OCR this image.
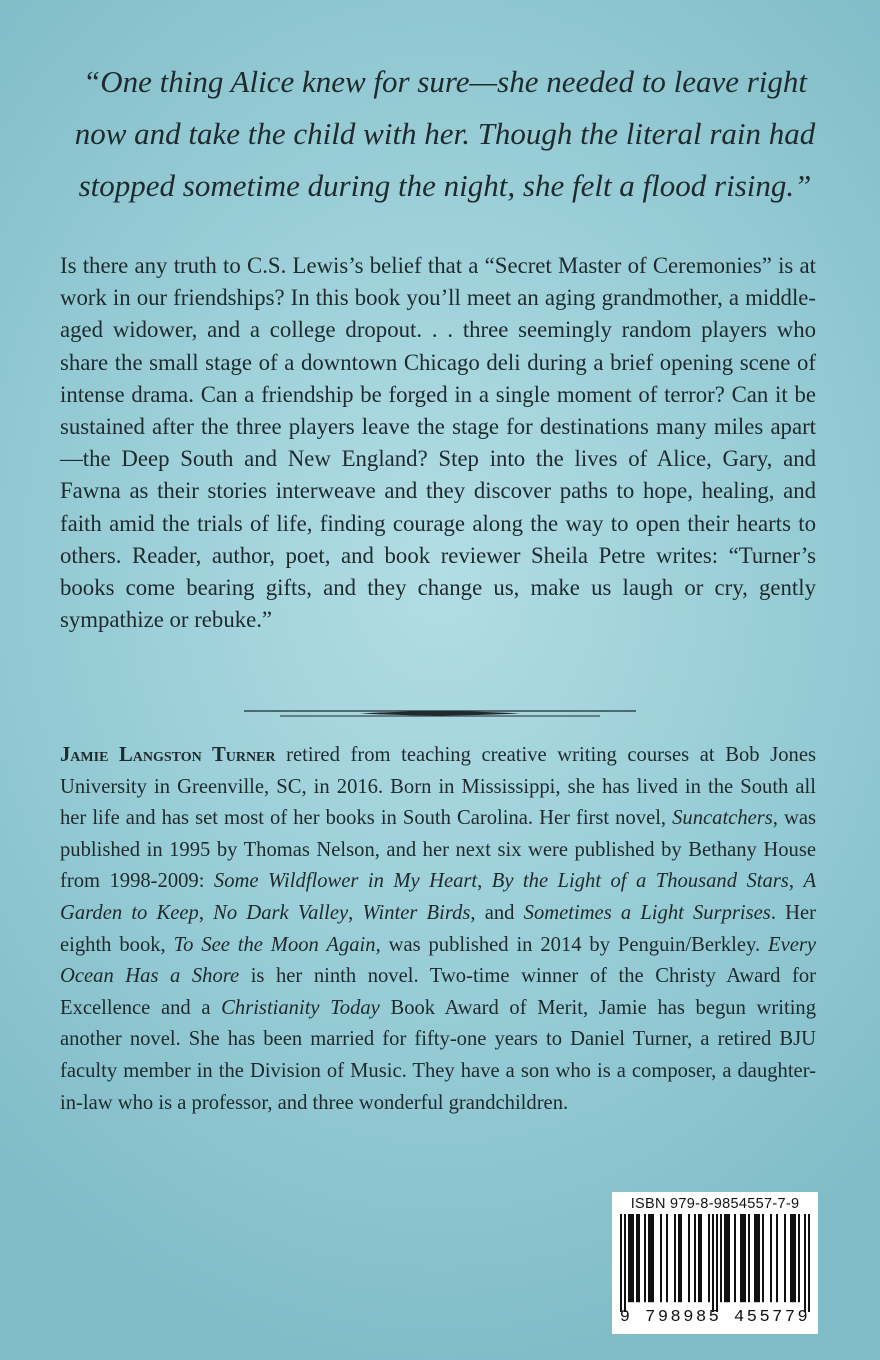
“One thing Alice knew for sure—she needed to leave right
now and take the child with her. Though the literal rain had
stopped sometime during the night, she felt a flood rising.”

Is there any truth to C.S. Lewis’s belief that a “Secret Master of Ceremonies” is at work in our friendships? In this book you’ll meet an aging grandmother, a middle-aged widower, and a college dropout. . . three seemingly random players who share the small stage of a downtown Chicago deli during a brief opening scene of intense drama. Can a friendship be forged in a single moment of terror? Can it be sustained after the three players leave the stage for destinations many miles apart—the Deep South and New England? Step into the lives of Alice, Gary, and Fawna as their stories interweave and they discover paths to hope, healing, and faith amid the trials of life, finding courage along the way to open their hearts to others. Reader, author, poet, and book reviewer Sheila Petre writes: “Turner’s books come bearing gifts, and they change us, make us laugh or cry, gently sympathize or rebuke.”

Jamie Langston Turner retired from teaching creative writing courses at Bob Jones University in Greenville, SC, in 2016. Born in Mississippi, she has lived in the South all her life and has set most of her books in South Carolina. Her first novel, Suncatchers, was published in 1995 by Thomas Nelson, and her next six were published by Bethany House from 1998-2009: Some Wildflower in My Heart, By the Light of a Thousand Stars, A Garden to Keep, No Dark Valley, Winter Birds, and Sometimes a Light Surprises. Her eighth book, To See the Moon Again, was published in 2014 by Penguin/Berkley. Every Ocean Has a Shore is her ninth novel. Two-time winner of the Christy Award for Excellence and a Christianity Today Book Award of Merit, Jamie has begun writing another novel. She has been married for fifty-one years to Daniel Turner, a retired BJU faculty member in the Division of Music. They have a son who is a composer, a daughter-in-law who is a professor, and three wonderful grandchildren.

ISBN 979-8-9854557-7-9
9 798985 455779
